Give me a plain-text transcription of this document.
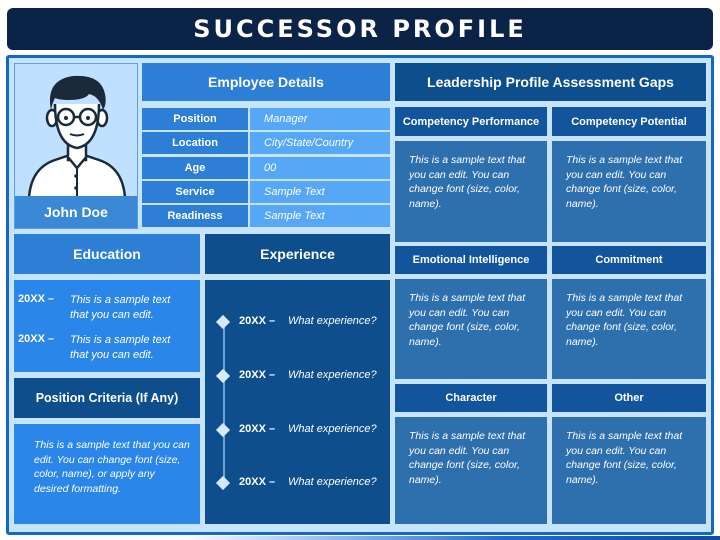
SUCCESSOR PROFILE
John Doe
Employee Details
Position	Manager
Location	City/State/Country
Age	00
Service	Sample Text
Readiness	Sample Text
Education
20XX –	This is a sample text that you can edit.
20XX –	This is a sample text that you can edit.
Position Criteria (If Any)
This is a sample text that you can edit. You can change font (size, color, name), or apply any desired formatting.
Experience
20XX – What experience?
20XX – What experience?
20XX – What experience?
20XX – What experience?
Leadership Profile Assessment Gaps
Competency Performance	Competency Potential
This is a sample text that you can edit. You can change font (size, color, name).
This is a sample text that you can edit. You can change font (size, color, name).
Emotional Intelligence	Commitment
This is a sample text that you can edit. You can change font (size, color, name).
This is a sample text that you can edit. You can change font (size, color, name).
Character	Other
This is a sample text that you can edit. You can change font (size, color, name).
This is a sample text that you can edit. You can change font (size, color, name).
